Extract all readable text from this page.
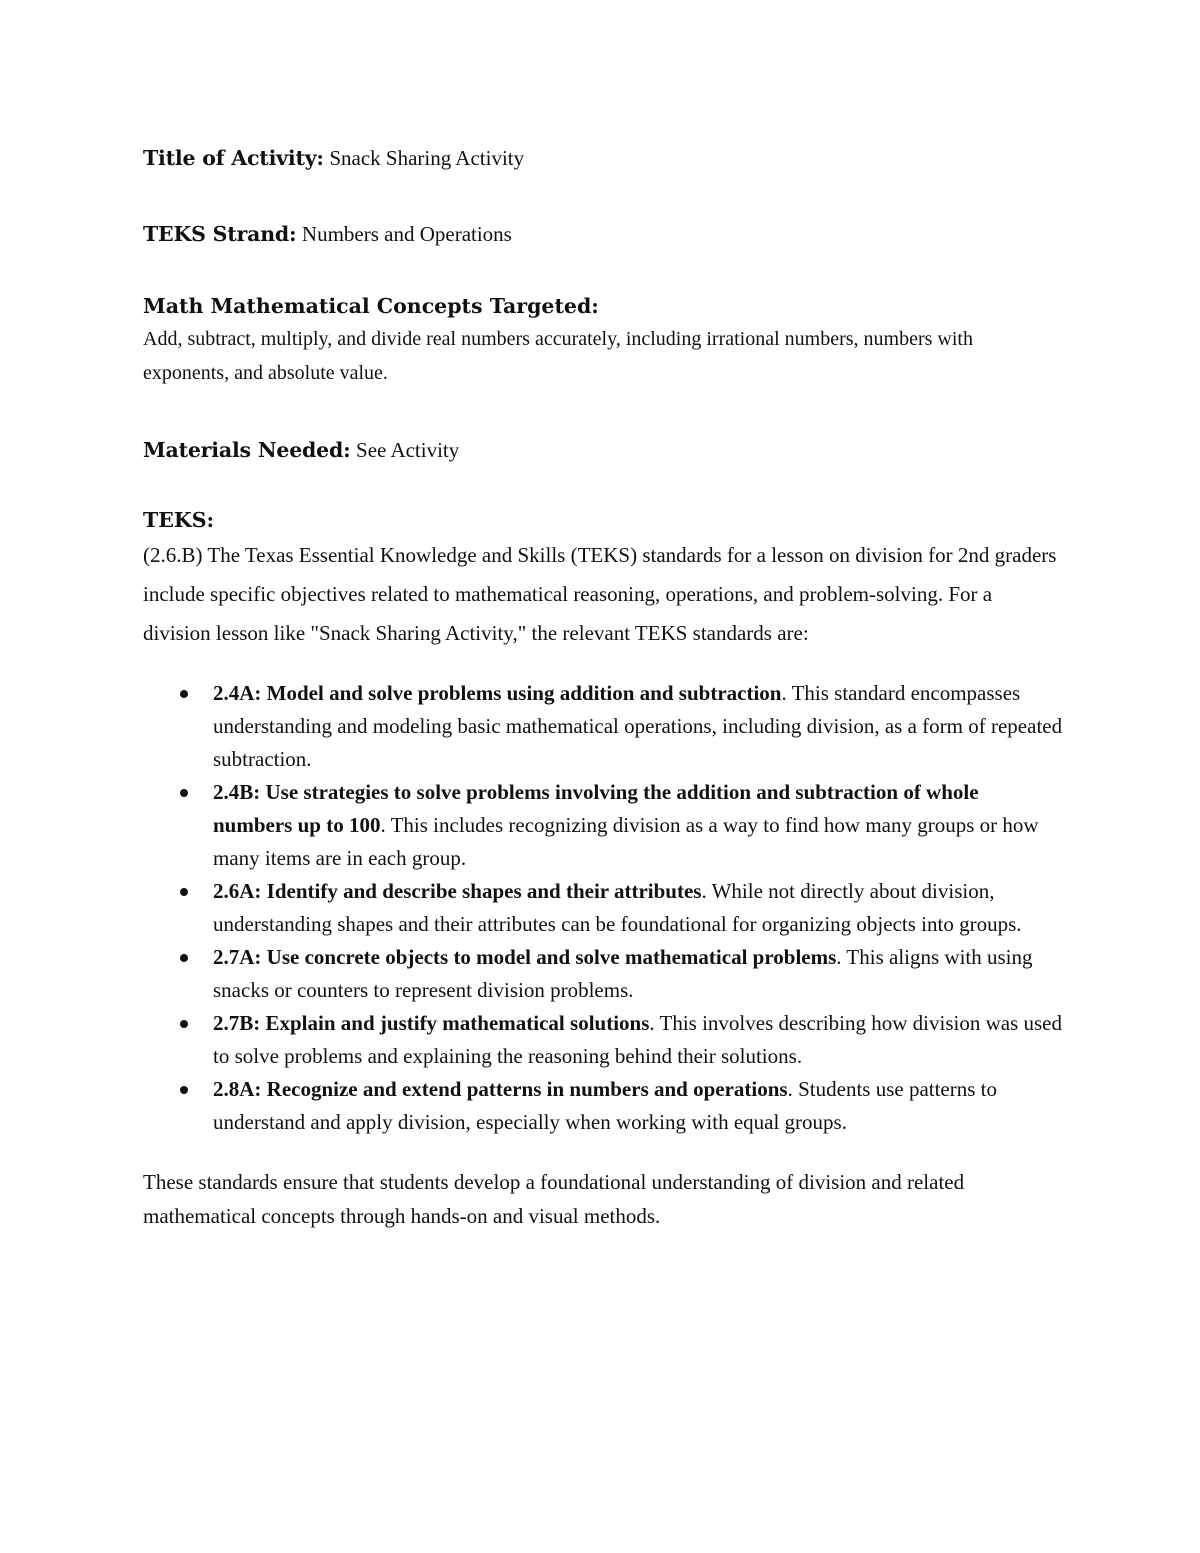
Title of Activity: Snack Sharing Activity

TEKS Strand: Numbers and Operations

Math Mathematical Concepts Targeted:

Add, subtract, multiply, and divide real numbers accurately, including irrational numbers, numbers with exponents, and absolute value.

Materials Needed: See Activity

TEKS:

(2.6.B) The Texas Essential Knowledge and Skills (TEKS) standards for a lesson on division for 2nd graders include specific objectives related to mathematical reasoning, operations, and problem-solving. For a division lesson like "Snack Sharing Activity," the relevant TEKS standards are:

2.4A: Model and solve problems using addition and subtraction. This standard encompasses understanding and modeling basic mathematical operations, including division, as a form of repeated subtraction.
2.4B: Use strategies to solve problems involving the addition and subtraction of whole numbers up to 100. This includes recognizing division as a way to find how many groups or how many items are in each group.
2.6A: Identify and describe shapes and their attributes. While not directly about division, understanding shapes and their attributes can be foundational for organizing objects into groups.
2.7A: Use concrete objects to model and solve mathematical problems. This aligns with using snacks or counters to represent division problems.
2.7B: Explain and justify mathematical solutions. This involves describing how division was used to solve problems and explaining the reasoning behind their solutions.
2.8A: Recognize and extend patterns in numbers and operations. Students use patterns to understand and apply division, especially when working with equal groups.

These standards ensure that students develop a foundational understanding of division and related mathematical concepts through hands-on and visual methods.
